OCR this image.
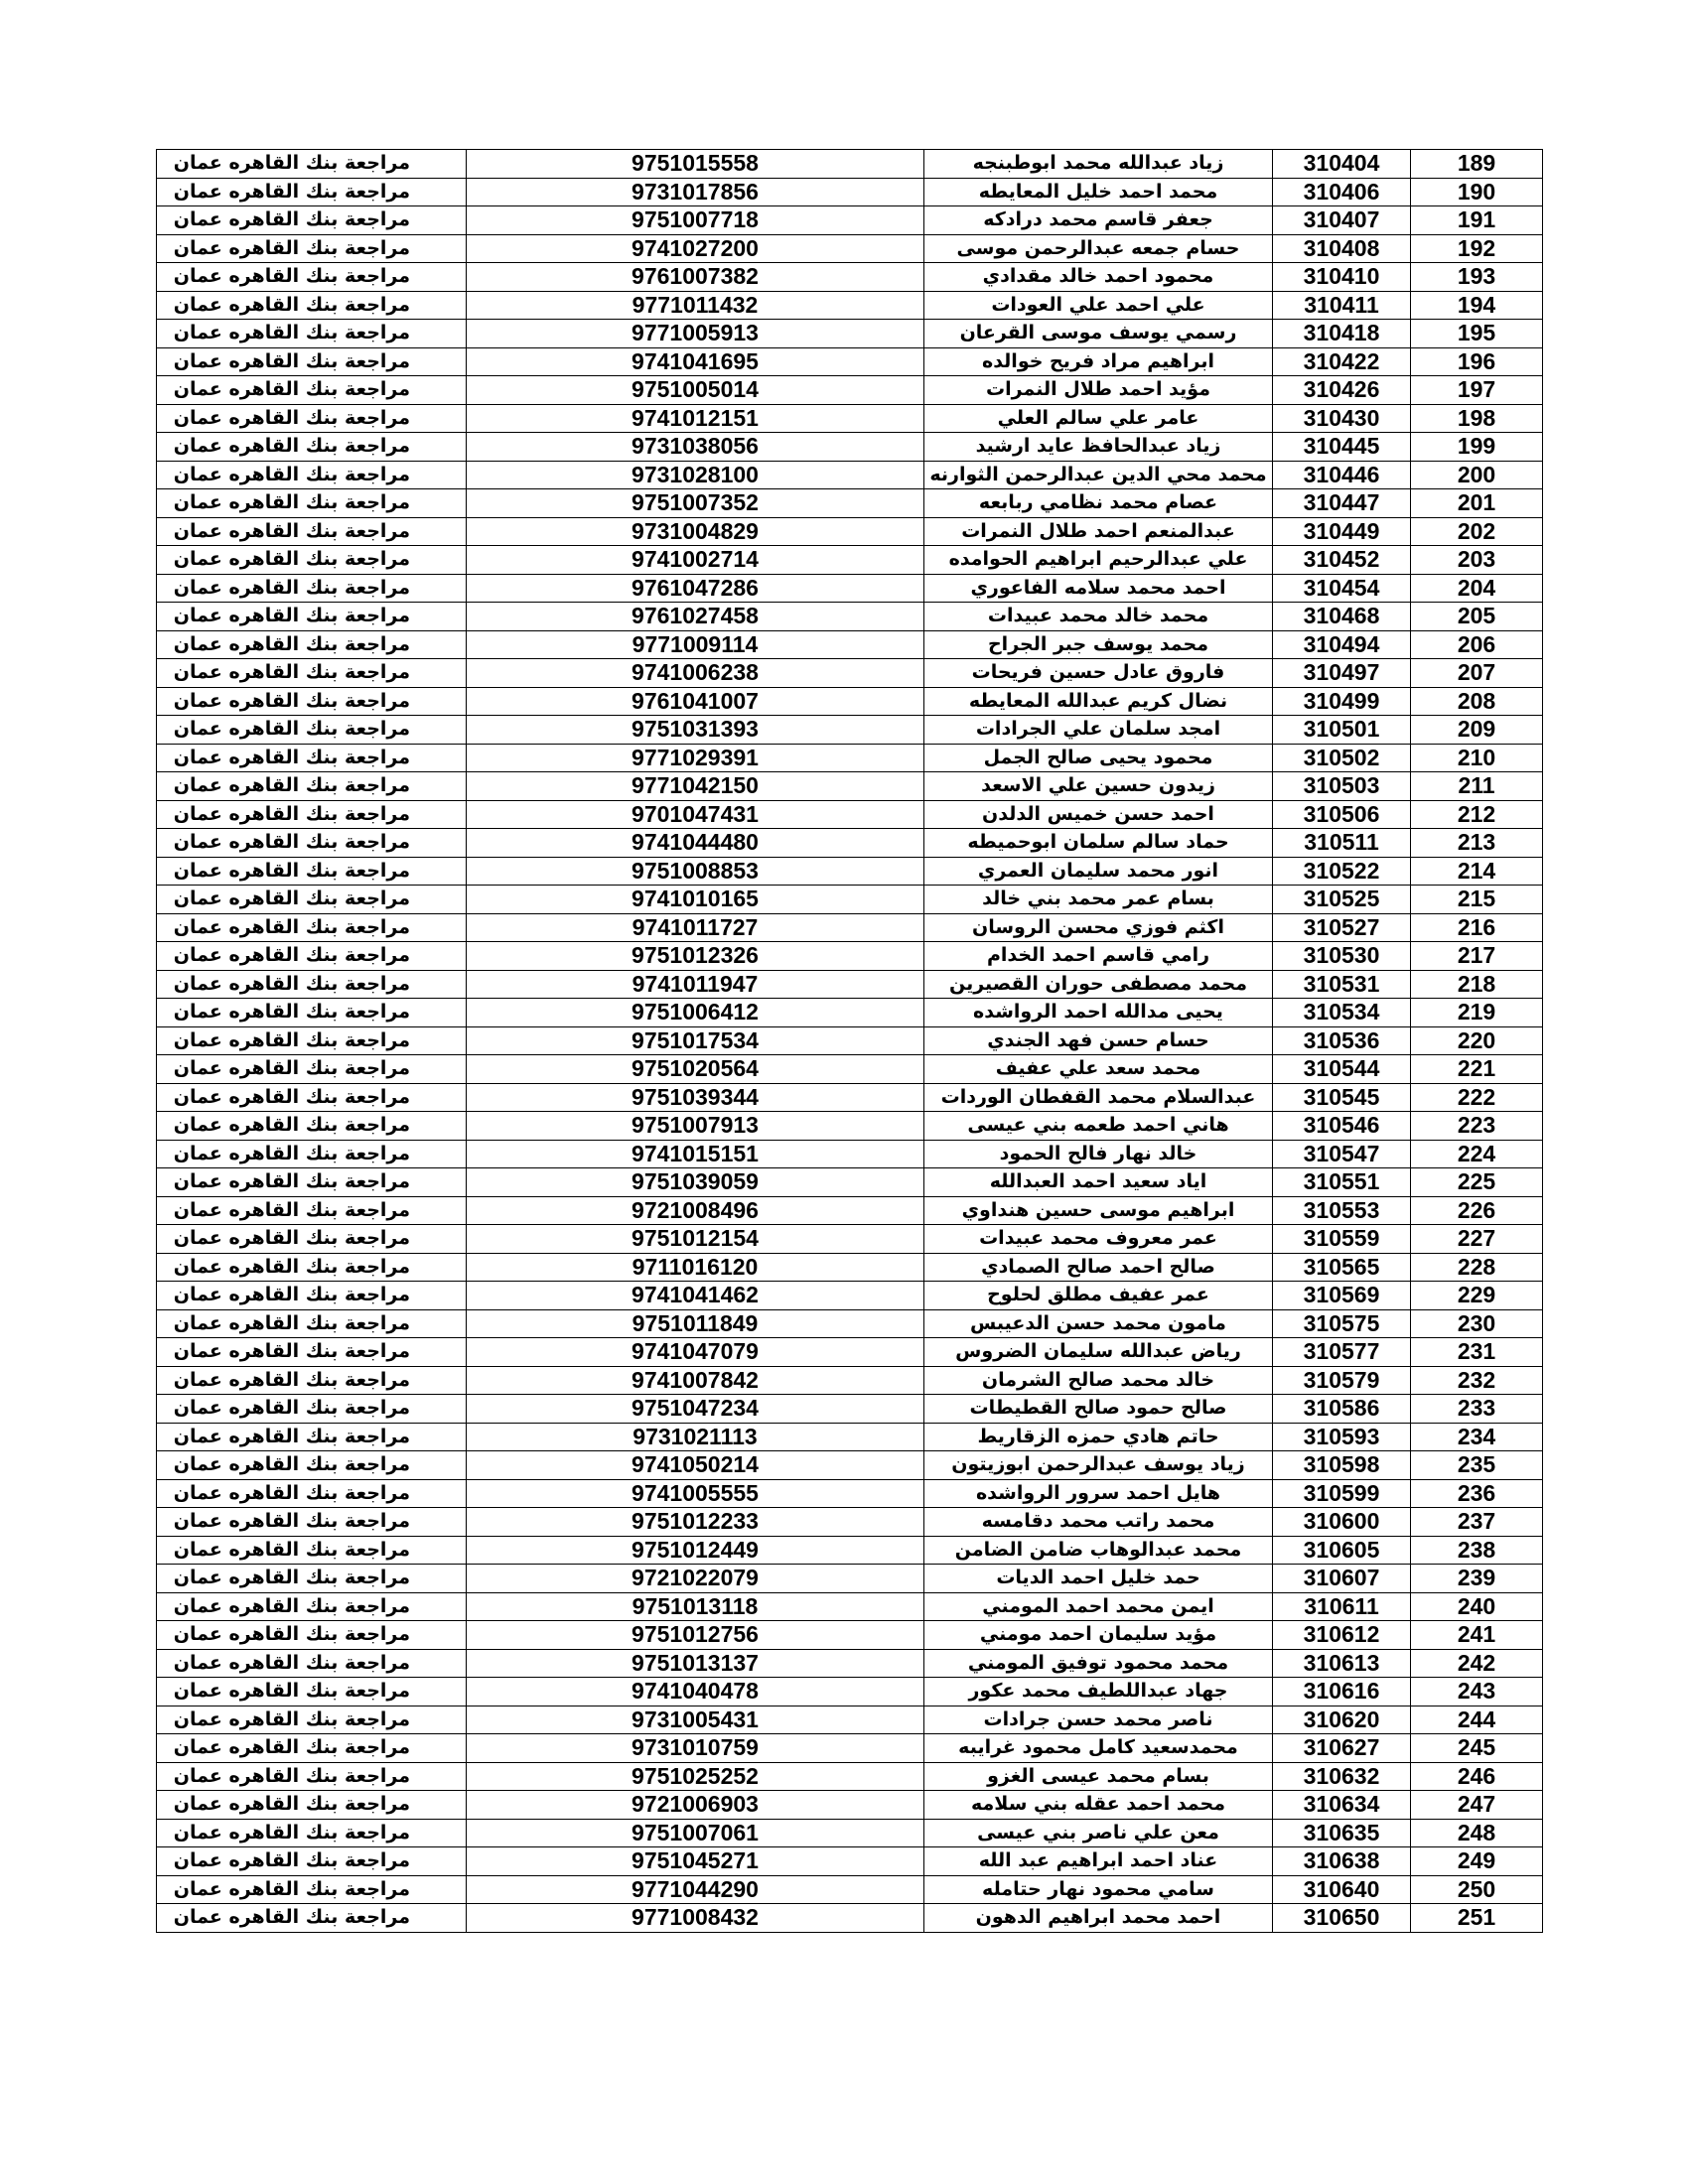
مراجعة بنك القاهره عمان	9751015558	زياد عبدالله محمد ابوطبنجه	310404	189
مراجعة بنك القاهره عمان	9731017856	محمد احمد خليل المعايطه	310406	190
مراجعة بنك القاهره عمان	9751007718	جعفر قاسم محمد درادكه	310407	191
مراجعة بنك القاهره عمان	9741027200	حسام جمعه عبدالرحمن موسى	310408	192
مراجعة بنك القاهره عمان	9761007382	محمود احمد خالد مقدادي	310410	193
مراجعة بنك القاهره عمان	9771011432	علي احمد علي العودات	310411	194
مراجعة بنك القاهره عمان	9771005913	رسمي يوسف موسى القرعان	310418	195
مراجعة بنك القاهره عمان	9741041695	ابراهيم مراد فريح خوالده	310422	196
مراجعة بنك القاهره عمان	9751005014	مؤيد احمد طلال النمرات	310426	197
مراجعة بنك القاهره عمان	9741012151	عامر علي سالم العلي	310430	198
مراجعة بنك القاهره عمان	9731038056	زياد عبدالحافظ عايد ارشيد	310445	199
مراجعة بنك القاهره عمان	9731028100	محمد محي الدين عبدالرحمن الثوارنه	310446	200
مراجعة بنك القاهره عمان	9751007352	عصام محمد نظامي ربابعه	310447	201
مراجعة بنك القاهره عمان	9731004829	عبدالمنعم احمد طلال النمرات	310449	202
مراجعة بنك القاهره عمان	9741002714	علي عبدالرحيم ابراهيم الحوامده	310452	203
مراجعة بنك القاهره عمان	9761047286	احمد محمد سلامه الفاعوري	310454	204
مراجعة بنك القاهره عمان	9761027458	محمد خالد محمد عبيدات	310468	205
مراجعة بنك القاهره عمان	9771009114	محمد يوسف جبر الجراح	310494	206
مراجعة بنك القاهره عمان	9741006238	فاروق عادل حسين فريحات	310497	207
مراجعة بنك القاهره عمان	9761041007	نضال كريم عبدالله المعايطه	310499	208
مراجعة بنك القاهره عمان	9751031393	امجد سلمان علي الجرادات	310501	209
مراجعة بنك القاهره عمان	9771029391	محمود يحيى صالح الجمل	310502	210
مراجعة بنك القاهره عمان	9771042150	زيدون حسين علي الاسعد	310503	211
مراجعة بنك القاهره عمان	9701047431	احمد حسن خميس الدلدن	310506	212
مراجعة بنك القاهره عمان	9741044480	حماد سالم سلمان ابوحميطه	310511	213
مراجعة بنك القاهره عمان	9751008853	انور محمد سليمان العمري	310522	214
مراجعة بنك القاهره عمان	9741010165	بسام عمر محمد بني خالد	310525	215
مراجعة بنك القاهره عمان	9741011727	اكثم فوزي محسن الروسان	310527	216
مراجعة بنك القاهره عمان	9751012326	رامي قاسم احمد الخدام	310530	217
مراجعة بنك القاهره عمان	9741011947	محمد مصطفى حوران القصيرين	310531	218
مراجعة بنك القاهره عمان	9751006412	يحيى مدالله احمد الرواشده	310534	219
مراجعة بنك القاهره عمان	9751017534	حسام حسن فهد الجندي	310536	220
مراجعة بنك القاهره عمان	9751020564	محمد سعد علي عفيف	310544	221
مراجعة بنك القاهره عمان	9751039344	عبدالسلام محمد القفطان الوردات	310545	222
مراجعة بنك القاهره عمان	9751007913	هاني احمد طعمه بني عيسى	310546	223
مراجعة بنك القاهره عمان	9741015151	خالد نهار فالح الحمود	310547	224
مراجعة بنك القاهره عمان	9751039059	اياد سعيد احمد العبدالله	310551	225
مراجعة بنك القاهره عمان	9721008496	ابراهيم موسى حسين هنداوي	310553	226
مراجعة بنك القاهره عمان	9751012154	عمر معروف محمد عبيدات	310559	227
مراجعة بنك القاهره عمان	9711016120	صالح احمد صالح الصمادي	310565	228
مراجعة بنك القاهره عمان	9741041462	عمر عفيف مطلق لحلوح	310569	229
مراجعة بنك القاهره عمان	9751011849	مامون محمد حسن الدعيبس	310575	230
مراجعة بنك القاهره عمان	9741047079	رياض عبدالله سليمان الضروس	310577	231
مراجعة بنك القاهره عمان	9741007842	خالد محمد صالح الشرمان	310579	232
مراجعة بنك القاهره عمان	9751047234	صالح حمود صالح القطيطات	310586	233
مراجعة بنك القاهره عمان	9731021113	حاتم هادي حمزه الزقاريط	310593	234
مراجعة بنك القاهره عمان	9741050214	زياد يوسف عبدالرحمن ابوزيتون	310598	235
مراجعة بنك القاهره عمان	9741005555	هايل احمد سرور الرواشده	310599	236
مراجعة بنك القاهره عمان	9751012233	محمد راتب محمد دقامسه	310600	237
مراجعة بنك القاهره عمان	9751012449	محمد عبدالوهاب ضامن الضامن	310605	238
مراجعة بنك القاهره عمان	9721022079	حمد خليل احمد الديات	310607	239
مراجعة بنك القاهره عمان	9751013118	ايمن محمد احمد المومني	310611	240
مراجعة بنك القاهره عمان	9751012756	مؤيد سليمان احمد مومني	310612	241
مراجعة بنك القاهره عمان	9751013137	محمد محمود توفيق المومني	310613	242
مراجعة بنك القاهره عمان	9741040478	جهاد عبداللطيف محمد عكور	310616	243
مراجعة بنك القاهره عمان	9731005431	ناصر محمد حسن جرادات	310620	244
مراجعة بنك القاهره عمان	9731010759	محمدسعيد كامل محمود غرايبه	310627	245
مراجعة بنك القاهره عمان	9751025252	بسام محمد عيسى الغزو	310632	246
مراجعة بنك القاهره عمان	9721006903	محمد احمد عقله بني سلامه	310634	247
مراجعة بنك القاهره عمان	9751007061	معن علي ناصر بني عيسى	310635	248
مراجعة بنك القاهره عمان	9751045271	عناد احمد ابراهيم عبد الله	310638	249
مراجعة بنك القاهره عمان	9771044290	سامي محمود نهار حتامله	310640	250
مراجعة بنك القاهره عمان	9771008432	احمد محمد ابراهيم الدهون	310650	251
